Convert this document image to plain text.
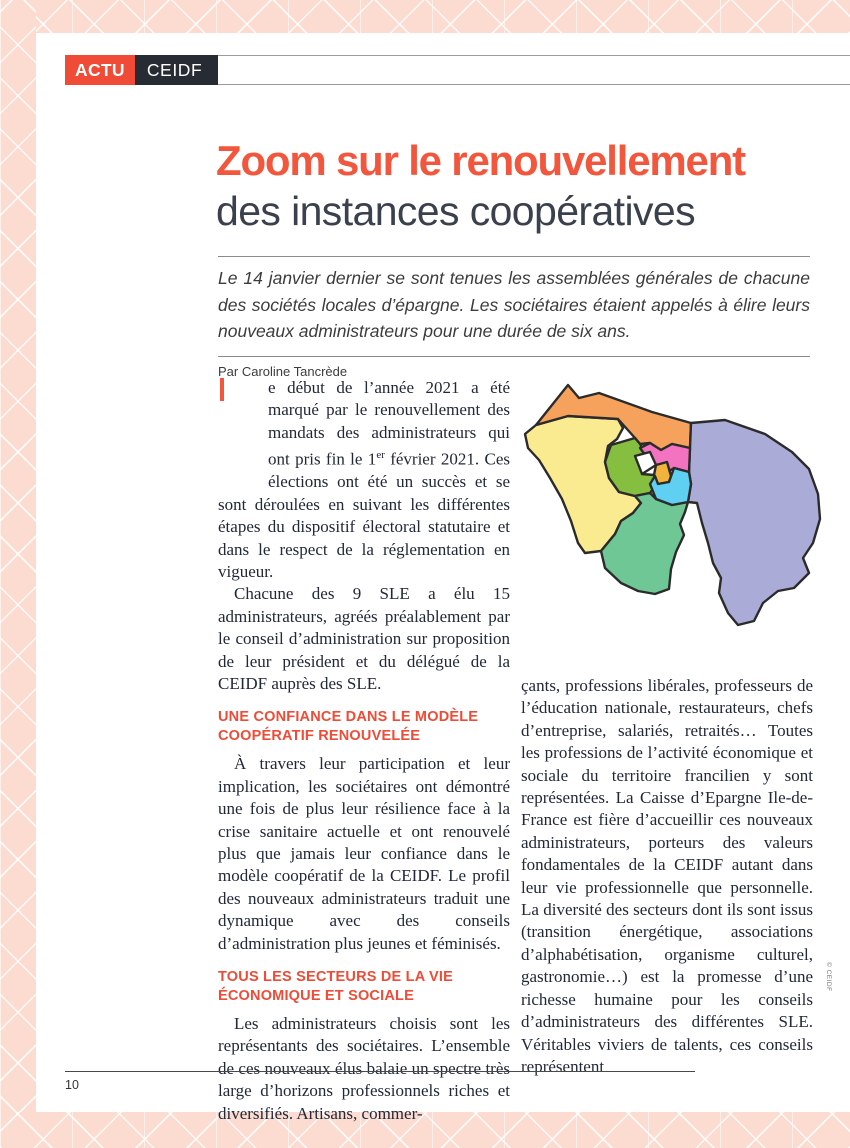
ACTU	CEIDF
Zoom sur le renouvellement
des instances coopératives

Le 14 janvier dernier se sont tenues les assemblées générales de chacune des sociétés locales d’épargne. Les sociétaires étaient appelés à élire leurs nouveaux administrateurs pour une durée de six ans.

Par Caroline Tancrède

e début de l’année 2021 a été marqué par le renouvellement des mandats des administrateurs qui ont pris fin le 1er février 2021. Ces élections ont été un succès et se sont déroulées en suivant les différentes étapes du dispositif électoral statutaire et dans le respect de la réglementation en vigueur.

Chacune des 9 SLE a élu 15 administrateurs, agréés préalablement par le conseil d’administration sur proposition de leur président et du délégué de la CEIDF auprès des SLE.

UNE CONFIANCE DANS LE MODÈLE COOPÉRATIF RENOUVELÉE

À travers leur participation et leur implication, les sociétaires ont démontré une fois de plus leur résilience face à la crise sanitaire actuelle et ont renouvelé plus que jamais leur confiance dans le modèle coopératif de la CEIDF. Le profil des nouveaux administrateurs traduit une dynamique avec des conseils d’administration plus jeunes et féminisés.

TOUS LES SECTEURS DE LA VIE ÉCONOMIQUE ET SOCIALE

Les administrateurs choisis sont les représentants des sociétaires. L’ensemble de ces nouveaux élus balaie un spectre très large d’horizons professionnels riches et diversifiés. Artisans, commer-

çants, professions libérales, professeurs de l’éducation nationale, restaurateurs, chefs d’entreprise, salariés, retraités… Toutes les professions de l’activité économique et sociale du territoire francilien y sont représentées. La Caisse d’Epargne Ile-de-France est fière d’accueillir ces nouveaux administrateurs, porteurs des valeurs fondamentales de la CEIDF autant dans leur vie professionnelle que personnelle. La diversité des secteurs dont ils sont issus (transition énergétique, associations d’alphabétisation, organisme culturel, gastronomie…) est la promesse d’une richesse humaine pour les conseils d’administrateurs des différentes SLE. Véritables viviers de talents, ces conseils représentent

© CEIDF
10
